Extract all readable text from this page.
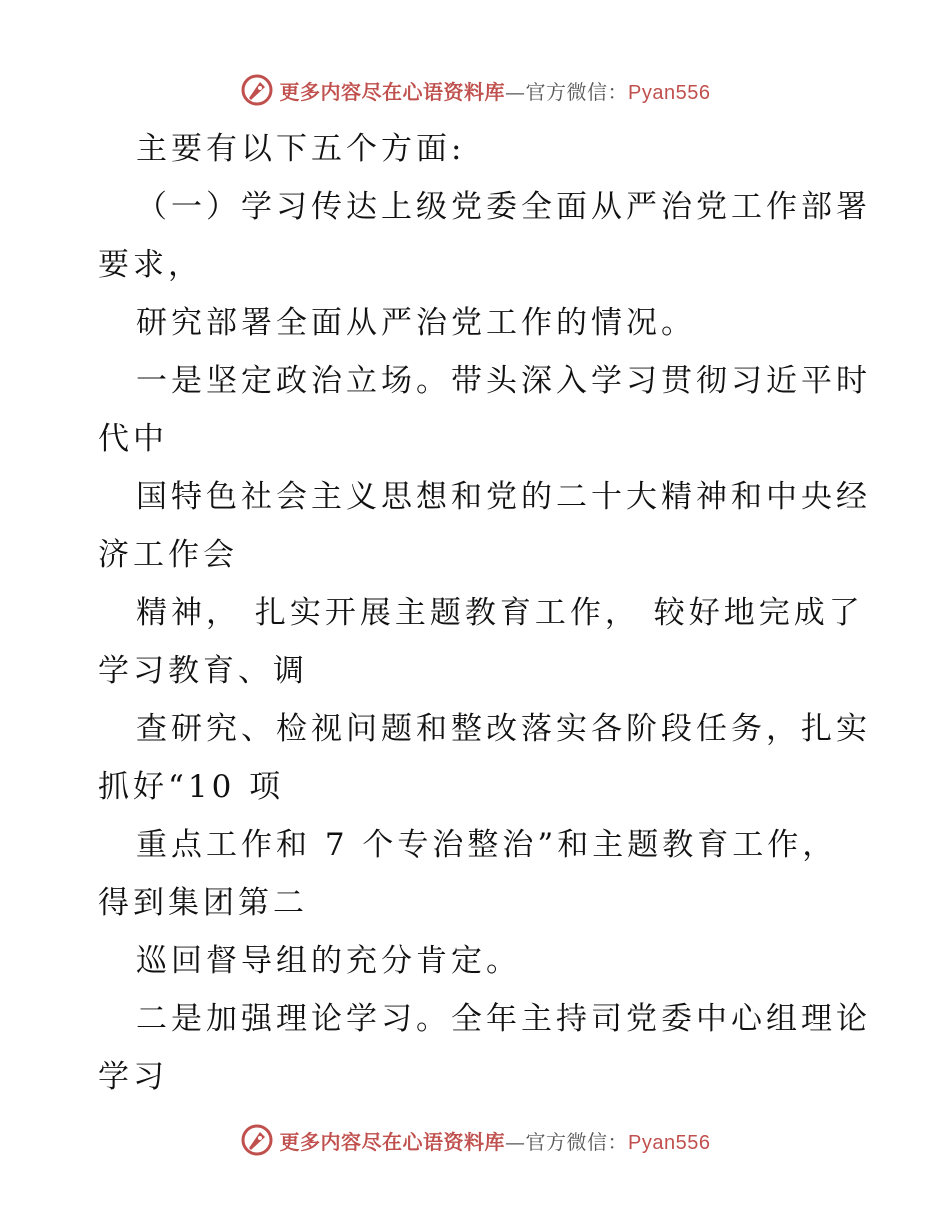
更多内容尽在心语资料库—官方微信：Pyan556
主要有以下五个方面:
（一）学习传达上级党委全面从严治党工作部署
要求，
研究部署全面从严治党工作的情况。
一是坚定政治立场。带头深入学习贯彻习近平时
代中
国特色社会主义思想和党的二十大精神和中央经
济工作会
精神， 扎实开展主题教育工作， 较好地完成了
学习教育、调
查研究、检视问题和整改落实各阶段任务，扎实
抓好“10 项
重点工作和 7 个专治整治”和主题教育工作，
得到集团第二
巡回督导组的充分肯定。
二是加强理论学习。全年主持司党委中心组理论
学习
更多内容尽在心语资料库—官方微信：Pyan556
